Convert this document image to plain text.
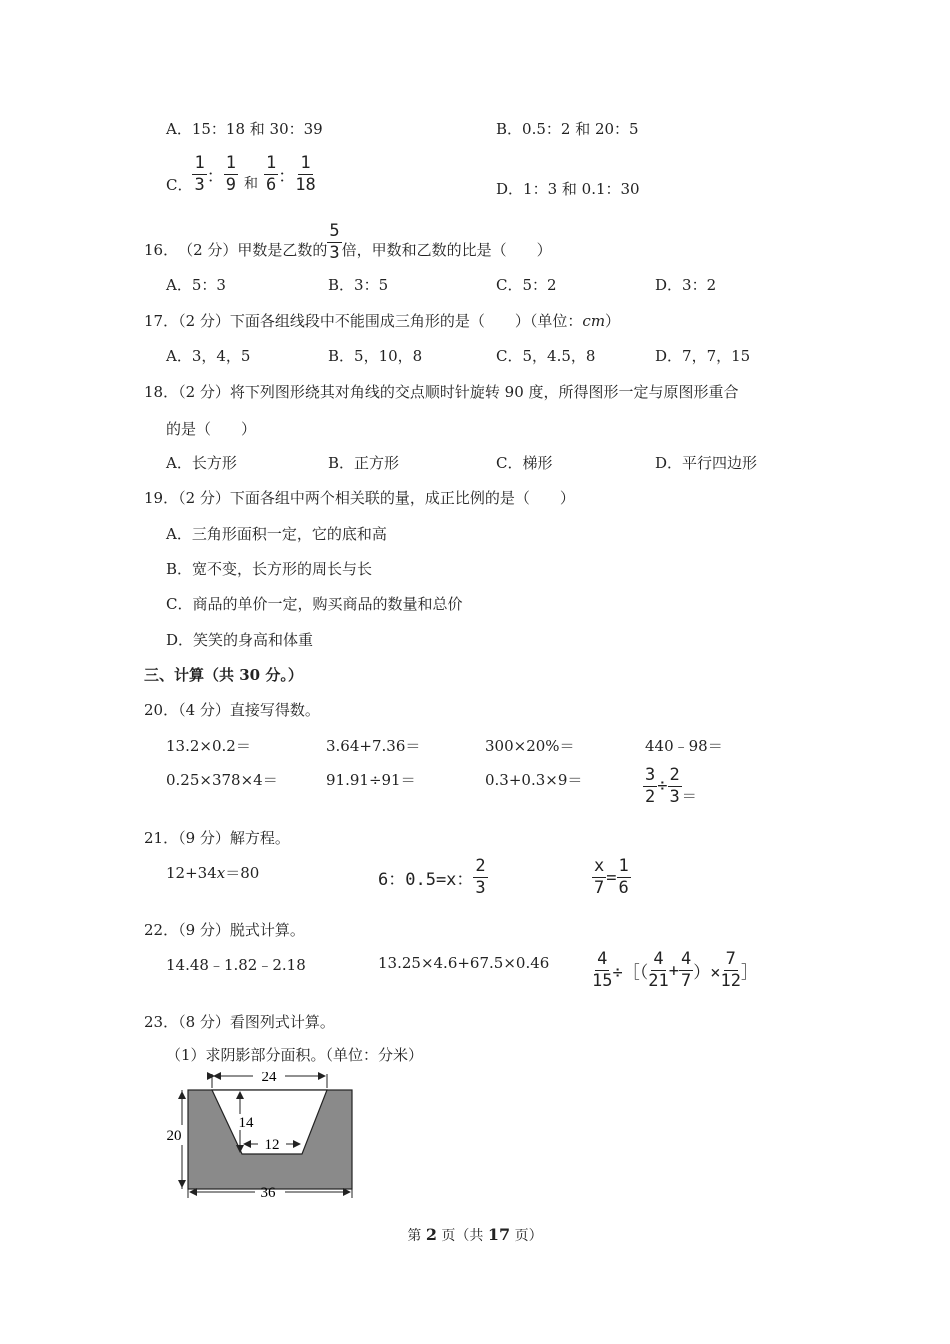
A．15：18 和 30：39	B．0.5：2 和 20：5
C． $\frac{1}{3}$ ： $\frac{1}{9}$ 和 $\frac{1}{6}$ ： $\frac{1}{18}$	D．1：3 和 0.1：30
16． （2 分）甲数是乙数的 $\frac{5}{3}$ 倍，甲数和乙数的比是（　　）
A．5：3	B．3：5	C．5：2	D．3：2
17．（2 分）下面各组线段中不能围成三角形的是（　　）（单位：cm）
A．3，4，5	B．5，10，8	C．5，4.5，8	D．7，7，15
18．（2 分）将下列图形绕其对角线的交点顺时针旋转 90 度，所得图形一定与原图形重合
的是（　　）
A．长方形	B．正方形	C．梯形	D．平行四边形
19．（2 分）下面各组中两个相关联的量，成正比例的是（　　）
A．三角形面积一定，它的底和高
B．宽不变，长方形的周长与长
C．商品的单价一定，购买商品的数量和总价
D．笑笑的身高和体重
三、计算（共 30 分。）
20．（4 分）直接写得数。
13.2×0.2＝	3.64+7.36＝	300×20%＝	440﹣98＝
0.25×378×4＝	91.91÷91＝	0.3+0.3×9＝	$\frac{3}{2} \div \frac{2}{3}$ ＝
21．（9 分）解方程。
12+34x＝80	6：0.5=x： $\frac{2}{3}$	$\frac{x}{7} = \frac{1}{6}$
22．（9 分）脱式计算。
14.48﹣1.82﹣2.18	13.25×4.6+67.5×0.46	$\frac{4}{15}$ ÷［（ $\frac{4}{21} + \frac{4}{7}$ ）× $\frac{7}{12}$ ］
23．（8 分）看图列式计算。
（1）求阴影部分面积。（单位：分米）
24
14
12
20
36
第 2 页（共 17 页）
